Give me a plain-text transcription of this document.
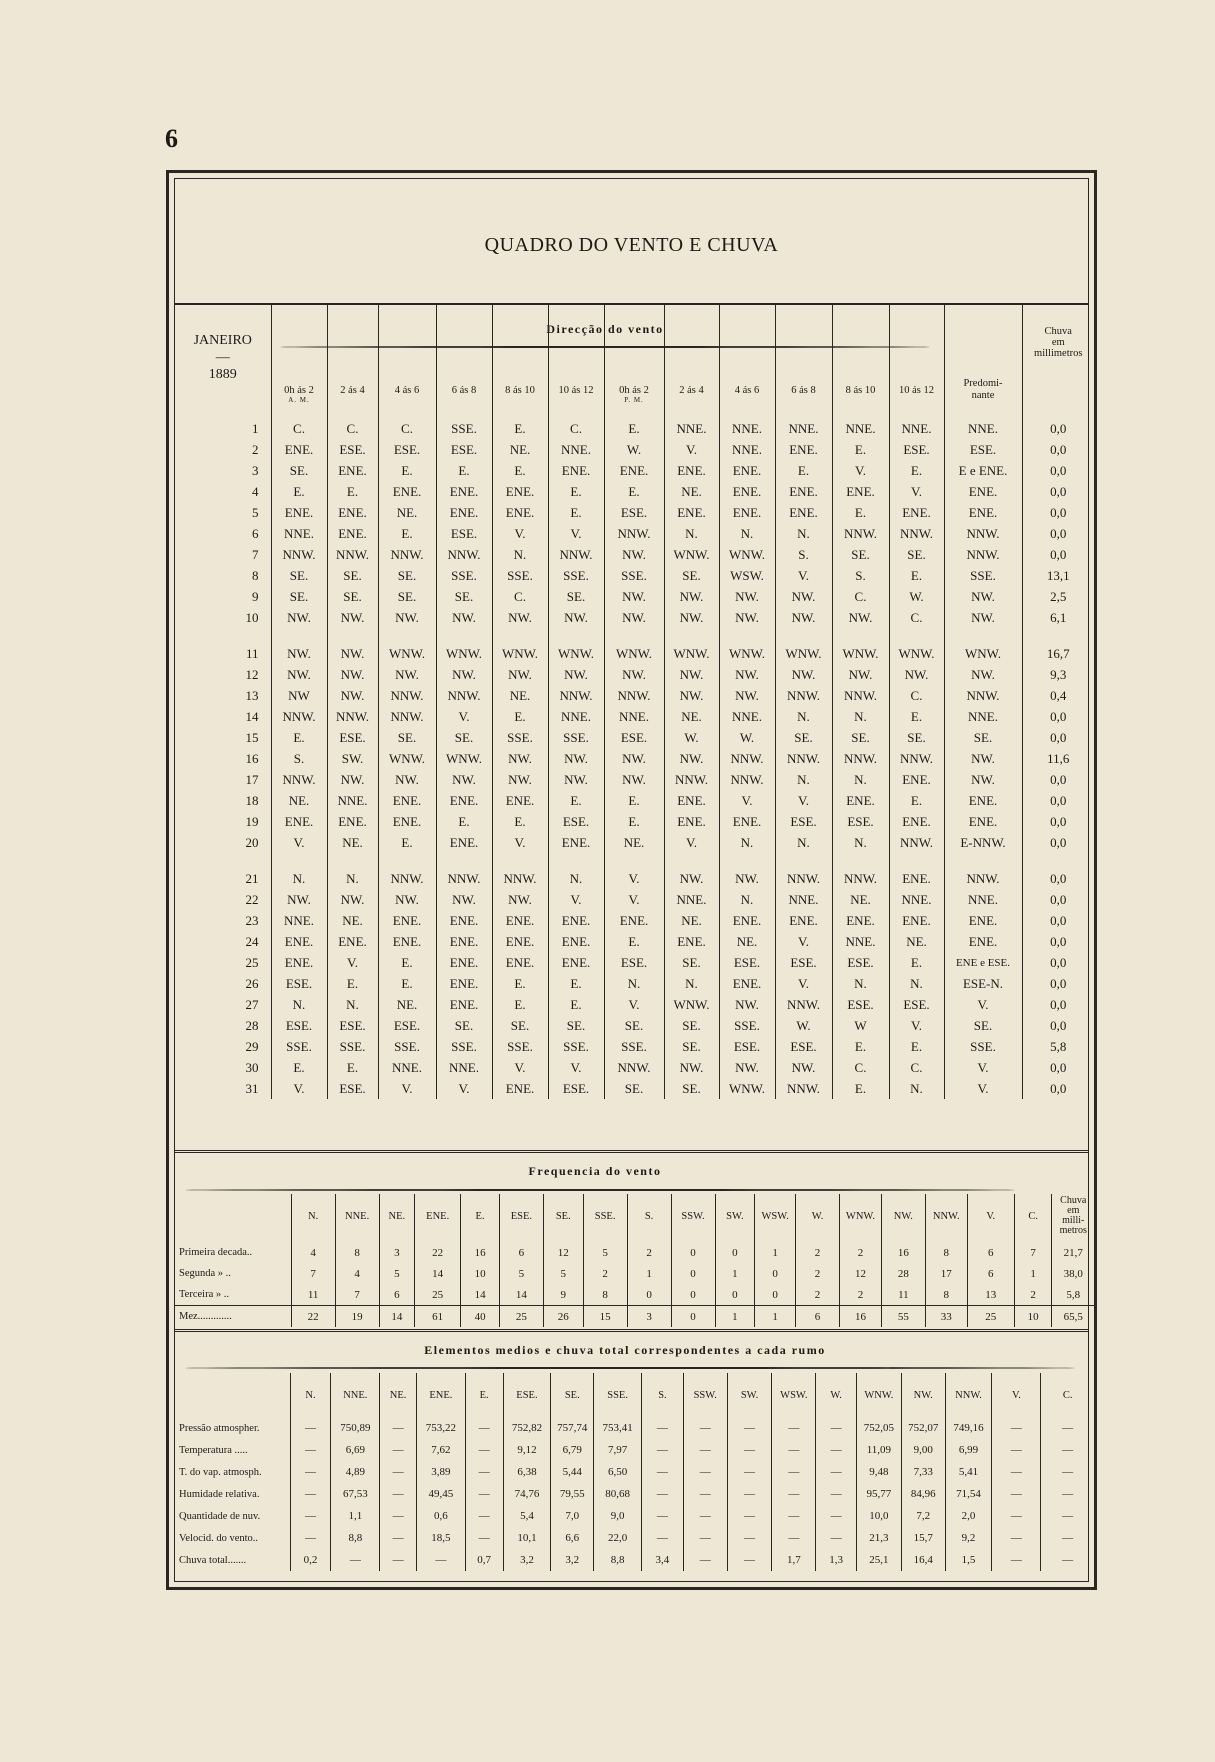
6
QUADRO DO VENTO E CHUVA
Direcção do vento
JANEIRO
—
1889	0h ás 2
A. M.	2 ás 4	4 ás 6	6 ás 8	8 ás 10	10 ás 12	0h ás 2
P. M.	2 ás 4	4 ás 6	6 ás 8	8 ás 10	10 ás 12	Predomi-
nante	Chuva
em
millimetros
1	C.	C.	C.	SSE.	E.	C.	E.	NNE.	NNE.	NNE.	NNE.	NNE.	NNE.	0,0
2	ENE.	ESE.	ESE.	ESE.	NE.	NNE.	W.	V.	NNE.	ENE.	E.	ESE.	ESE.	0,0
3	SE.	ENE.	E.	E.	E.	ENE.	ENE.	ENE.	ENE.	E.	V.	E.	E e ENE.	0,0
4	E.	E.	ENE.	ENE.	ENE.	E.	E.	NE.	ENE.	ENE.	ENE.	V.	ENE.	0,0
5	ENE.	ENE.	NE.	ENE.	ENE.	E.	ESE.	ENE.	ENE.	ENE.	E.	ENE.	ENE.	0,0
6	NNE.	ENE.	E.	ESE.	V.	V.	NNW.	N.	N.	N.	NNW.	NNW.	NNW.	0,0
7	NNW.	NNW.	NNW.	NNW.	N.	NNW.	NW.	WNW.	WNW.	S.	SE.	SE.	NNW.	0,0
8	SE.	SE.	SE.	SSE.	SSE.	SSE.	SSE.	SE.	WSW.	V.	S.	E.	SSE.	13,1
9	SE.	SE.	SE.	SE.	C.	SE.	NW.	NW.	NW.	NW.	C.	W.	NW.	2,5
10	NW.	NW.	NW.	NW.	NW.	NW.	NW.	NW.	NW.	NW.	NW.	C.	NW.	6,1

11	NW.	NW.	WNW.	WNW.	WNW.	WNW.	WNW.	WNW.	WNW.	WNW.	WNW.	WNW.	WNW.	16,7
12	NW.	NW.	NW.	NW.	NW.	NW.	NW.	NW.	NW.	NW.	NW.	NW.	NW.	9,3
13	NW	NW.	NNW.	NNW.	NE.	NNW.	NNW.	NW.	NW.	NNW.	NNW.	C.	NNW.	0,4
14	NNW.	NNW.	NNW.	V.	E.	NNE.	NNE.	NE.	NNE.	N.	N.	E.	NNE.	0,0
15	E.	ESE.	SE.	SE.	SSE.	SSE.	ESE.	W.	W.	SE.	SE.	SE.	SE.	0,0
16	S.	SW.	WNW.	WNW.	NW.	NW.	NW.	NW.	NNW.	NNW.	NNW.	NNW.	NW.	11,6
17	NNW.	NW.	NW.	NW.	NW.	NW.	NW.	NNW.	NNW.	N.	N.	ENE.	NW.	0,0
18	NE.	NNE.	ENE.	ENE.	ENE.	E.	E.	ENE.	V.	V.	ENE.	E.	ENE.	0,0
19	ENE.	ENE.	ENE.	E.	E.	ESE.	E.	ENE.	ENE.	ESE.	ESE.	ENE.	ENE.	0,0
20	V.	NE.	E.	ENE.	V.	ENE.	NE.	V.	N.	N.	N.	NNW.	E-NNW.	0,0

21	N.	N.	NNW.	NNW.	NNW.	N.	V.	NW.	NW.	NNW.	NNW.	ENE.	NNW.	0,0
22	NW.	NW.	NW.	NW.	NW.	V.	V.	NNE.	N.	NNE.	NE.	NNE.	NNE.	0,0
23	NNE.	NE.	ENE.	ENE.	ENE.	ENE.	ENE.	NE.	ENE.	ENE.	ENE.	ENE.	ENE.	0,0
24	ENE.	ENE.	ENE.	ENE.	ENE.	ENE.	E.	ENE.	NE.	V.	NNE.	NE.	ENE.	0,0
25	ENE.	V.	E.	ENE.	ENE.	ENE.	ESE.	SE.	ESE.	ESE.	ESE.	E.	ENE e ESE.	0,0
26	ESE.	E.	E.	ENE.	E.	E.	N.	N.	ENE.	V.	N.	N.	ESE-N.	0,0
27	N.	N.	NE.	ENE.	E.	E.	V.	WNW.	NW.	NNW.	ESE.	ESE.	V.	0,0
28	ESE.	ESE.	ESE.	SE.	SE.	SE.	SE.	SE.	SSE.	W.	W	V.	SE.	0,0
29	SSE.	SSE.	SSE.	SSE.	SSE.	SSE.	SSE.	SE.	ESE.	ESE.	E.	E.	SSE.	5,8
30	E.	E.	NNE.	NNE.	V.	V.	NNW.	NW.	NW.	NW.	C.	C.	V.	0,0
31	V.	ESE.	V.	V.	ENE.	ESE.	SE.	SE.	WNW.	NNW.	E.	N.	V.	0,0
Frequencia do vento
	N.	NNE.	NE.	ENE.	E.	ESE.	SE.	SSE.	S.	SSW.	SW.	WSW.	W.	WNW.	NW.	NNW.	V.	C.	Chuva
em
milli-
metros
Primeira decada..	4	8	3	22	16	6	12	5	2	0	0	1	2	2	16	8	6	7	21,7
Segunda » ..	7	4	5	14	10	5	5	2	1	0	1	0	2	12	28	17	6	1	38,0
Terceira » ..	11	7	6	25	14	14	9	8	0	0	0	0	2	2	11	8	13	2	5,8
Mez.............	22	19	14	61	40	25	26	15	3	0	1	1	6	16	55	33	25	10	65,5
Elementos medios e chuva total correspondentes a cada rumo
	N.	NNE.	NE.	ENE.	E.	ESE.	SE.	SSE.	S.	SSW.	SW.	WSW.	W.	WNW.	NW.	NNW.	V.	C.
Pressão atmospher.	—	750,89	—	753,22	—	752,82	757,74	753,41	—	—	—	—	—	752,05	752,07	749,16	—	—
Temperatura .....	—	6,69	—	7,62	—	9,12	6,79	7,97	—	—	—	—	—	11,09	9,00	6,99	—	—
T. do vap. atmosph.	—	4,89	—	3,89	—	6,38	5,44	6,50	—	—	—	—	—	9,48	7,33	5,41	—	—
Humidade relativa.	—	67,53	—	49,45	—	74,76	79,55	80,68	—	—	—	—	—	95,77	84,96	71,54	—	—
Quantidade de nuv.	—	1,1	—	0,6	—	5,4	7,0	9,0	—	—	—	—	—	10,0	7,2	2,0	—	—
Velocid. do vento..	—	8,8	—	18,5	—	10,1	6,6	22,0	—	—	—	—	—	21,3	15,7	9,2	—	—
Chuva total.......	0,2	—	—	—	0,7	3,2	3,2	8,8	3,4	—	—	1,7	1,3	25,1	16,4	1,5	—	—
